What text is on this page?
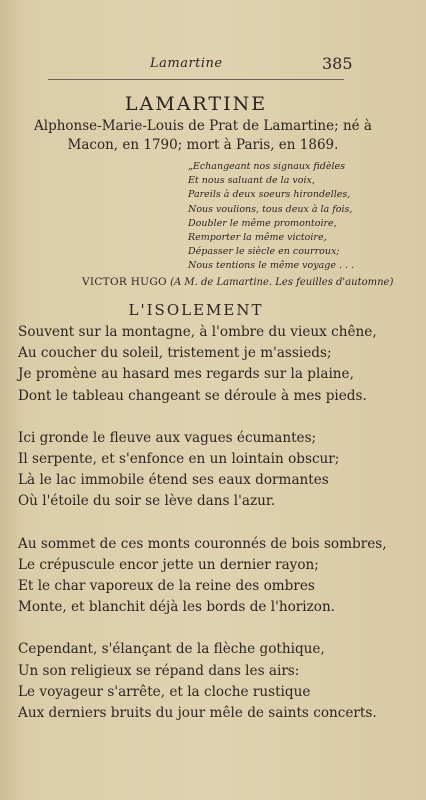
Lamartine	385
LAMARTINE
Alphonse-Marie-Louis de Prat de Lamartine; né à
Macon, en 1790; mort à Paris, en 1869.
„Echangeant nos signaux fidèles
Et nous saluant de la voix,
Pareils à deux soeurs hirondelles,
Nous voulions, tous deux à la fois,
Doubler le même promontoire,
Remporter la même victoire,
Dépasser le siècle en courroux;
Nous tentions le même voyage . . .
VICTOR HUGO (A M. de Lamartine. Les feuilles d'automne)
L'ISOLEMENT
Souvent sur la montagne, à l'ombre du vieux chêne,
Au coucher du soleil, tristement je m'assieds;
Je promène au hasard mes regards sur la plaine,
Dont le tableau changeant se déroule à mes pieds.
Ici gronde le fleuve aux vagues écumantes;
Il serpente, et s'enfonce en un lointain obscur;
Là le lac immobile étend ses eaux dormantes
Où l'étoile du soir se lève dans l'azur.
Au sommet de ces monts couronnés de bois sombres,
Le crépuscule encor jette un dernier rayon;
Et le char vaporeux de la reine des ombres
Monte, et blanchit déjà les bords de l'horizon.
Cependant, s'élançant de la flèche gothique,
Un son religieux se répand dans les airs:
Le voyageur s'arrête, et la cloche rustique
Aux derniers bruits du jour mêle de saints concerts.
